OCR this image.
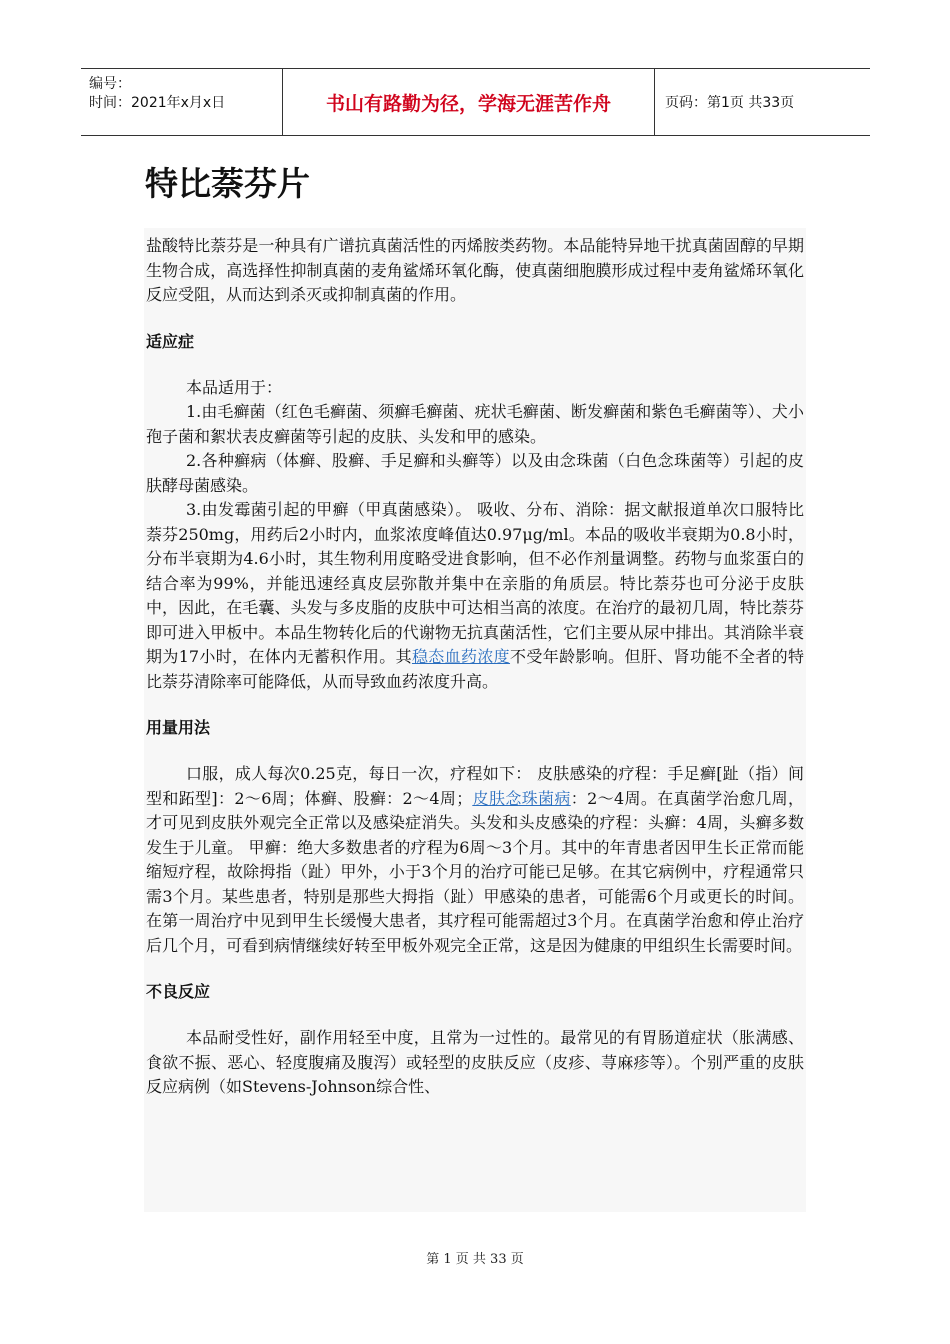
编号：
时间：2021年x月x日	书山有路勤为径，学海无涯苦作舟	页码：第1页 共33页
特比萘芬片

盐酸特比萘芬是一种具有广谱抗真菌活性的丙烯胺类药物。本品能特异地干扰真菌固醇的早期生物合成，高选择性抑制真菌的麦角鲨烯环氧化酶，使真菌细胞膜形成过程中麦角鲨烯环氧化反应受阻，从而达到杀灭或抑制真菌的作用。

适应症

本品适用于：

1.由毛癣菌（红色毛癣菌、须癣毛癣菌、疣状毛癣菌、断发癣菌和紫色毛癣菌等）、犬小孢子菌和絮状表皮癣菌等引起的皮肤、头发和甲的感染。

2.各种癣病（体癣、股癣、手足癣和头癣等）以及由念珠菌（白色念珠菌等）引起的皮肤酵母菌感染。

3.由发霉菌引起的甲癣（甲真菌感染）。 吸收、分布、消除：据文献报道单次口服特比萘芬250mg，用药后2小时内，血浆浓度峰值达0.97μg/ml。本品的吸收半衰期为0.8小时，分布半衰期为4.6小时，其生物利用度略受进食影响，但不必作剂量调整。药物与血浆蛋白的结合率为99%，并能迅速经真皮层弥散并集中在亲脂的角质层。特比萘芬也可分泌于皮肤中，因此，在毛囊、头发与多皮脂的皮肤中可达相当高的浓度。在治疗的最初几周，特比萘芬即可进入甲板中。本品生物转化后的代谢物无抗真菌活性，它们主要从尿中排出。其消除半衰期为17小时，在体内无蓄积作用。其稳态血药浓度不受年龄影响。但肝、肾功能不全者的特比萘芬清除率可能降低，从而导致血药浓度升高。

用量用法

口服，成人每次0.25克，每日一次，疗程如下： 皮肤感染的疗程：手足癣[趾（指）间型和跖型]：2～6周；体癣、股癣：2～4周；皮肤念珠菌病：2～4周。在真菌学治愈几周，才可见到皮肤外观完全正常以及感染症消失。头发和头皮感染的疗程：头癣：4周，头癣多数发生于儿童。 甲癣：绝大多数患者的疗程为6周～3个月。其中的年青患者因甲生长正常而能缩短疗程，故除拇指（趾）甲外，小于3个月的治疗可能已足够。在其它病例中，疗程通常只需3个月。某些患者，特别是那些大拇指（趾）甲感染的患者，可能需6个月或更长的时间。在第一周治疗中见到甲生长缓慢大患者，其疗程可能需超过3个月。在真菌学治愈和停止治疗后几个月，可看到病情继续好转至甲板外观完全正常，这是因为健康的甲组织生长需要时间。

不良反应

本品耐受性好，副作用轻至中度，且常为一过性的。最常见的有胃肠道症状（胀满感、食欲不振、恶心、轻度腹痛及腹泻）或轻型的皮肤反应（皮疹、荨麻疹等）。个别严重的皮肤反应病例（如Stevens-Johnson综合性、

第 1 页 共 33 页
